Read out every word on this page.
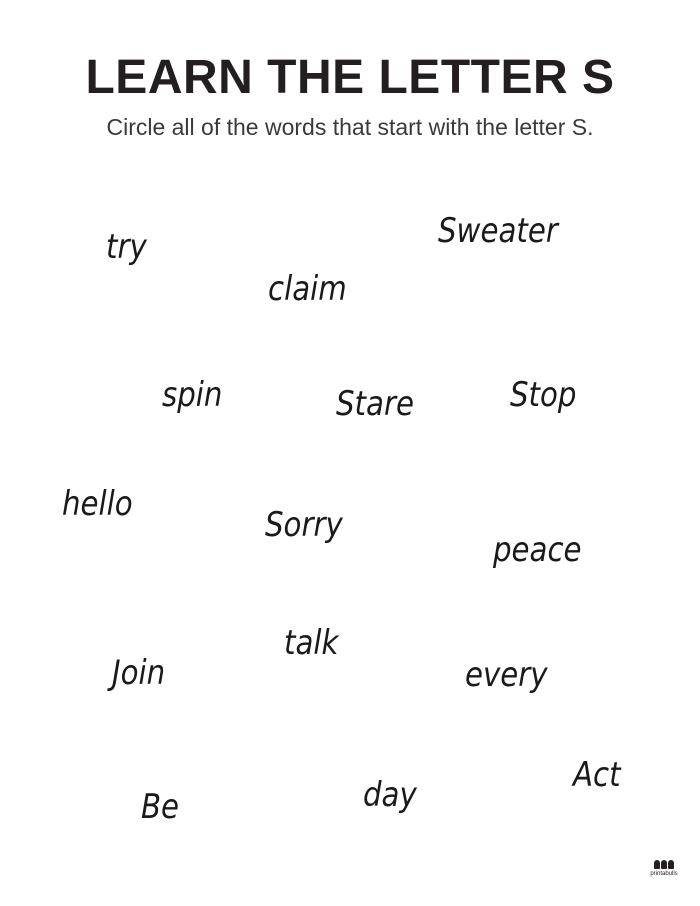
LEARN THE LETTER S
Circle all of the words that start with the letter S.
try
claim
Sweater
spin	Stare	Stop
hello
Sorry
peace
talk
Join	every
Be	day	Act
printabulls
